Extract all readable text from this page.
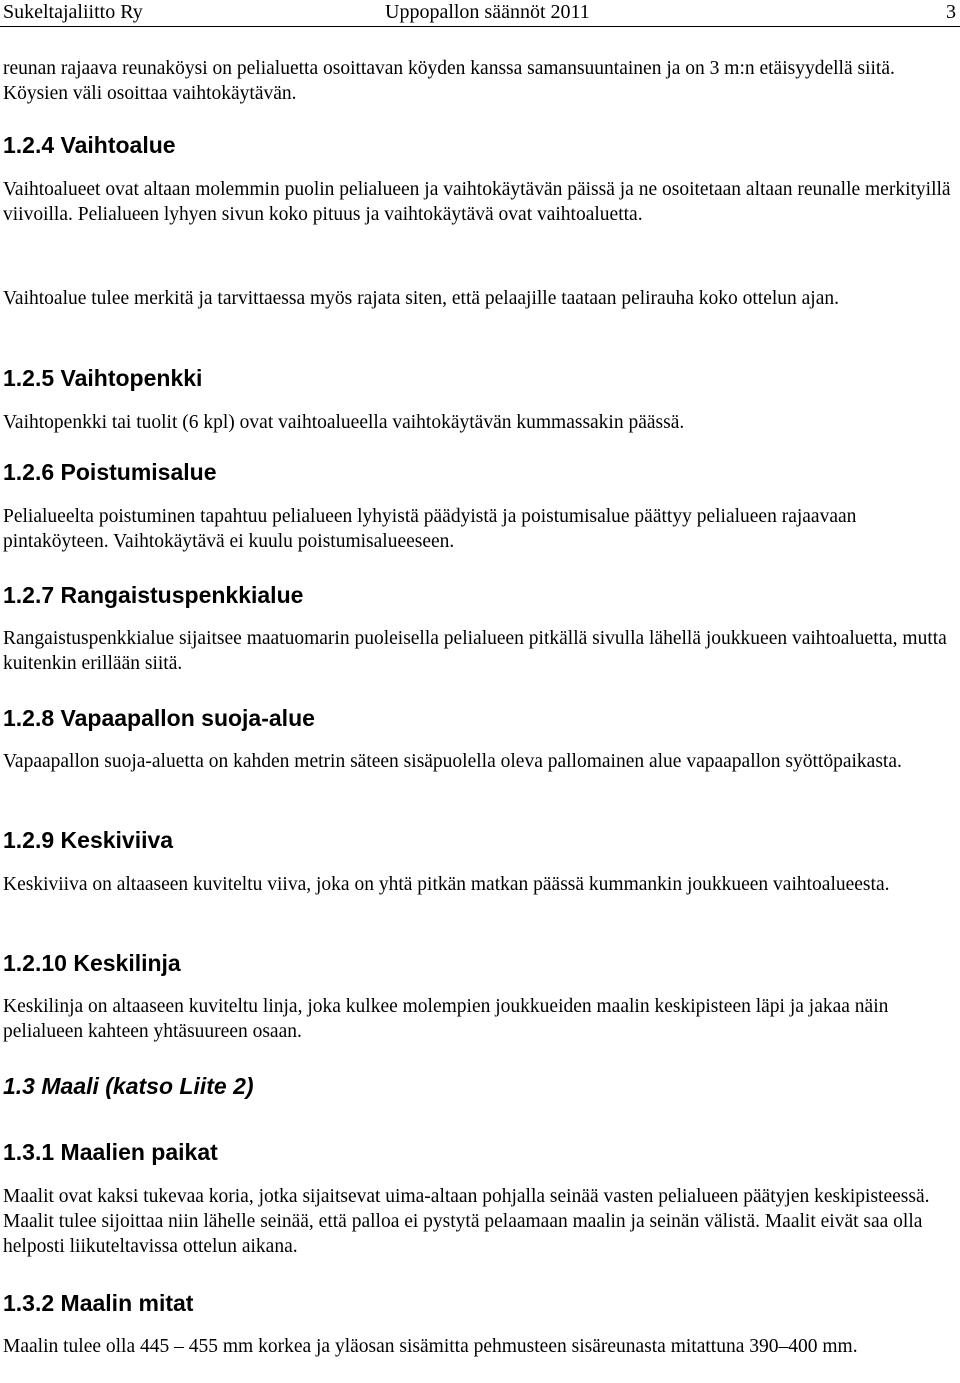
Sukeltajaliitto Ry	Uppopallon säännöt 2011	3

reunan rajaava reunaköysi on pelialuetta osoittavan köyden kanssa samansuuntainen ja on 3 m:n etäisyydellä siitä. Köysien väli osoittaa vaihtokäytävän.

1.2.4 Vaihtoalue

Vaihtoalueet ovat altaan molemmin puolin pelialueen ja vaihtokäytävän päissä ja ne osoitetaan altaan reunalle merkityillä viivoilla. Pelialueen lyhyen sivun koko pituus ja vaihtokäytävä ovat vaihtoaluetta.

Vaihtoalue tulee merkitä ja tarvittaessa myös rajata siten, että pelaajille taataan pelirauha koko ottelun ajan.

1.2.5 Vaihtopenkki

Vaihtopenkki tai tuolit (6 kpl) ovat vaihtoalueella vaihtokäytävän kummassakin päässä.

1.2.6 Poistumisalue

Pelialueelta poistuminen tapahtuu pelialueen lyhyistä päädyistä ja poistumisalue päättyy pelialueen rajaavaan pintaköyteen. Vaihtokäytävä ei kuulu poistumisalueeseen.

1.2.7 Rangaistuspenkkialue

Rangaistuspenkkialue sijaitsee maatuomarin puoleisella pelialueen pitkällä sivulla lähellä joukkueen vaihtoaluetta, mutta kuitenkin erillään siitä.

1.2.8 Vapaapallon suoja-alue

Vapaapallon suoja-aluetta on kahden metrin säteen sisäpuolella oleva pallomainen alue vapaapallon syöttöpaikasta.

1.2.9 Keskiviiva

Keskiviiva on altaaseen kuviteltu viiva, joka on yhtä pitkän matkan päässä kummankin joukkueen vaihtoalueesta.

1.2.10 Keskilinja

Keskilinja on altaaseen kuviteltu linja, joka kulkee molempien joukkueiden maalin keskipisteen läpi ja jakaa näin pelialueen kahteen yhtäsuureen osaan.

1.3 Maali (katso Liite 2)
1.3.1 Maalien paikat

Maalit ovat kaksi tukevaa koria, jotka sijaitsevat uima-altaan pohjalla seinää vasten pelialueen päätyjen keskipisteessä. Maalit tulee sijoittaa niin lähelle seinää, että palloa ei pystytä pelaamaan maalin ja seinän välistä. Maalit eivät saa olla helposti liikuteltavissa ottelun aikana.

1.3.2 Maalin mitat

Maalin tulee olla 445 – 455 mm korkea ja yläosan sisämitta pehmusteen sisäreunasta mitattuna 390–400 mm.
